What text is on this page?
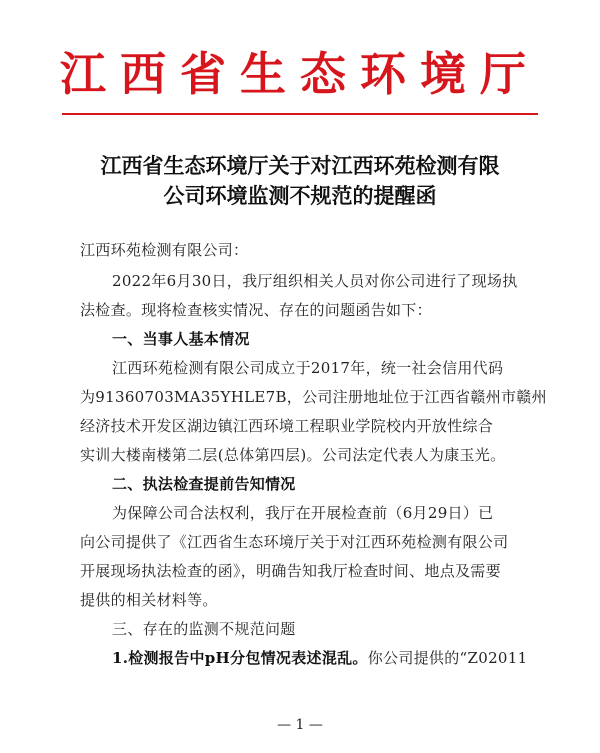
江西省生态环境厅
江西省生态环境厅关于对江西环苑检测有限
公司环境监测不规范的提醒函
江西环苑检测有限公司：
2022年6月30日，我厅组织相关人员对你公司进行了现场执
法检查。现将检查核实情况、存在的问题函告如下：
一、当事人基本情况
江西环苑检测有限公司成立于2017年，统一社会信用代码
为91360703MA35YHLE7B，公司注册地址位于江西省赣州市赣州
经济技术开发区湖边镇江西环境工程职业学院校内开放性综合
实训大楼南楼第二层(总体第四层)。公司法定代表人为康玉光。
二、执法检查提前告知情况
为保障公司合法权利，我厅在开展检查前（6月29日）已
向公司提供了《江西省生态环境厅关于对江西环苑检测有限公司
开展现场执法检查的函》，明确告知我厅检查时间、地点及需要
提供的相关材料等。
三、存在的监测不规范问题
1.检测报告中pH分包情况表述混乱。你公司提供的“Z02011
— 1 —
